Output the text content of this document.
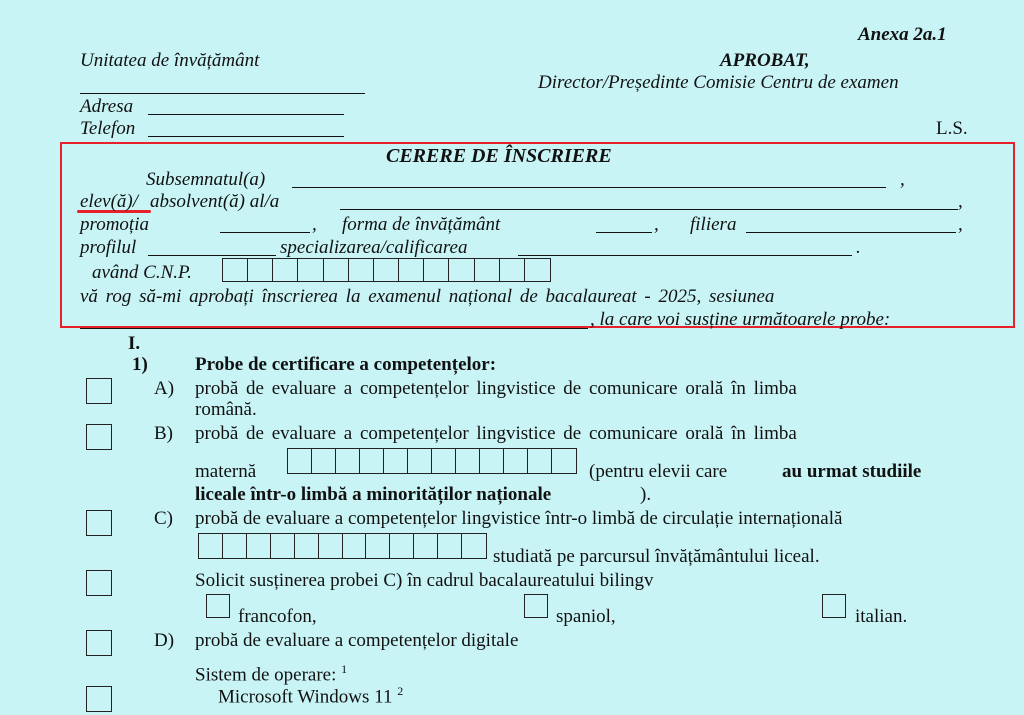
Anexa 2a.1
Unitatea de învățământ	APROBAT,
Director/Președinte Comisie Centru de examen
Adresa
Telefon	L.S.
CERERE DE ÎNSCRIERE
Subsemnatul(a)	,
elev(ă)/ absolvent(ă) al/a	,
promoția	, forma de învățământ	, filiera	,
profilul	specializarea/calificarea	.
având C.N.P.
vă rog să-mi aprobați înscrierea la examenul național de bacalaureat - 2025, sesiunea
, la care voi susține următoarele probe:
I.
1) Probe de certificare a competențelor:
A) probă de evaluare a competențelor lingvistice de comunicare orală în limba
română.
B) probă de evaluare a competențelor lingvistice de comunicare orală în limba
maternă	(pentru elevii care	au urmat studiile
liceale într-o limbă a minorităților naționale	).
C) probă de evaluare a competențelor lingvistice într-o limbă de circulație internațională
studiată pe parcursul învățământului liceal.
Solicit susținerea probei C) în cadrul bacalaureatului bilingv
francofon,	spaniol,	italian.
D) probă de evaluare a competențelor digitale
Sistem de operare: $^1$
Microsoft Windows 11 $^2$
